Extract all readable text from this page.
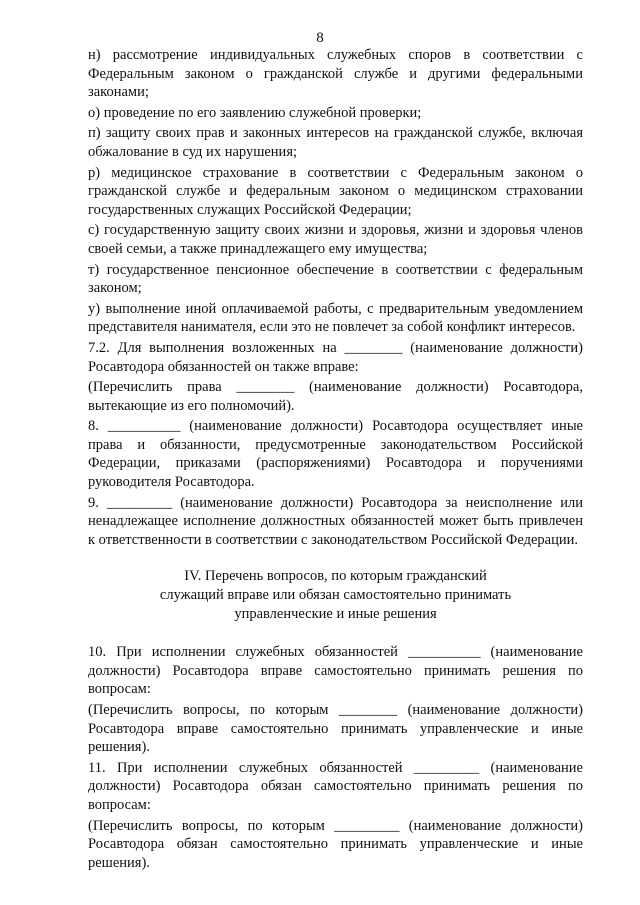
8

н) рассмотрение индивидуальных служебных споров в соответствии с Федеральным законом о гражданской службе и другими федеральными законами;

о) проведение по его заявлению служебной проверки;

п) защиту своих прав и законных интересов на гражданской службе, включая обжалование в суд их нарушения;

р) медицинское страхование в соответствии с Федеральным законом о гражданской службе и федеральным законом о медицинском страховании государственных служащих Российской Федерации;

с) государственную защиту своих жизни и здоровья, жизни и здоровья членов своей семьи, а также принадлежащего ему имущества;

т) государственное пенсионное обеспечение в соответствии с федеральным законом;

у) выполнение иной оплачиваемой работы, с предварительным уведомлением представителя нанимателя, если это не повлечет за собой конфликт интересов.

7.2. Для выполнения возложенных на ________ (наименование должности) Росавтодора обязанностей он также вправе:

(Перечислить права ________ (наименование должности) Росавтодора, вытекающие из его полномочий).

8. __________ (наименование должности) Росавтодора осуществляет иные права и обязанности, предусмотренные законодательством Российской Федерации, приказами (распоряжениями) Росавтодора и поручениями руководителя Росавтодора.

9. _________ (наименование должности) Росавтодора за неисполнение или ненадлежащее исполнение должностных обязанностей может быть привлечен к ответственности в соответствии с законодательством Российской Федерации.

IV. Перечень вопросов, по которым гражданский
служащий вправе или обязан самостоятельно принимать
управленческие и иные решения

10. При исполнении служебных обязанностей __________ (наименование должности) Росавтодора вправе самостоятельно принимать решения по вопросам:

(Перечислить вопросы, по которым ________ (наименование должности) Росавтодора вправе самостоятельно принимать управленческие и иные решения).

11. При исполнении служебных обязанностей _________ (наименование должности) Росавтодора обязан самостоятельно принимать решения по вопросам:

(Перечислить вопросы, по которым _________ (наименование должности) Росавтодора обязан самостоятельно принимать управленческие и иные решения).
